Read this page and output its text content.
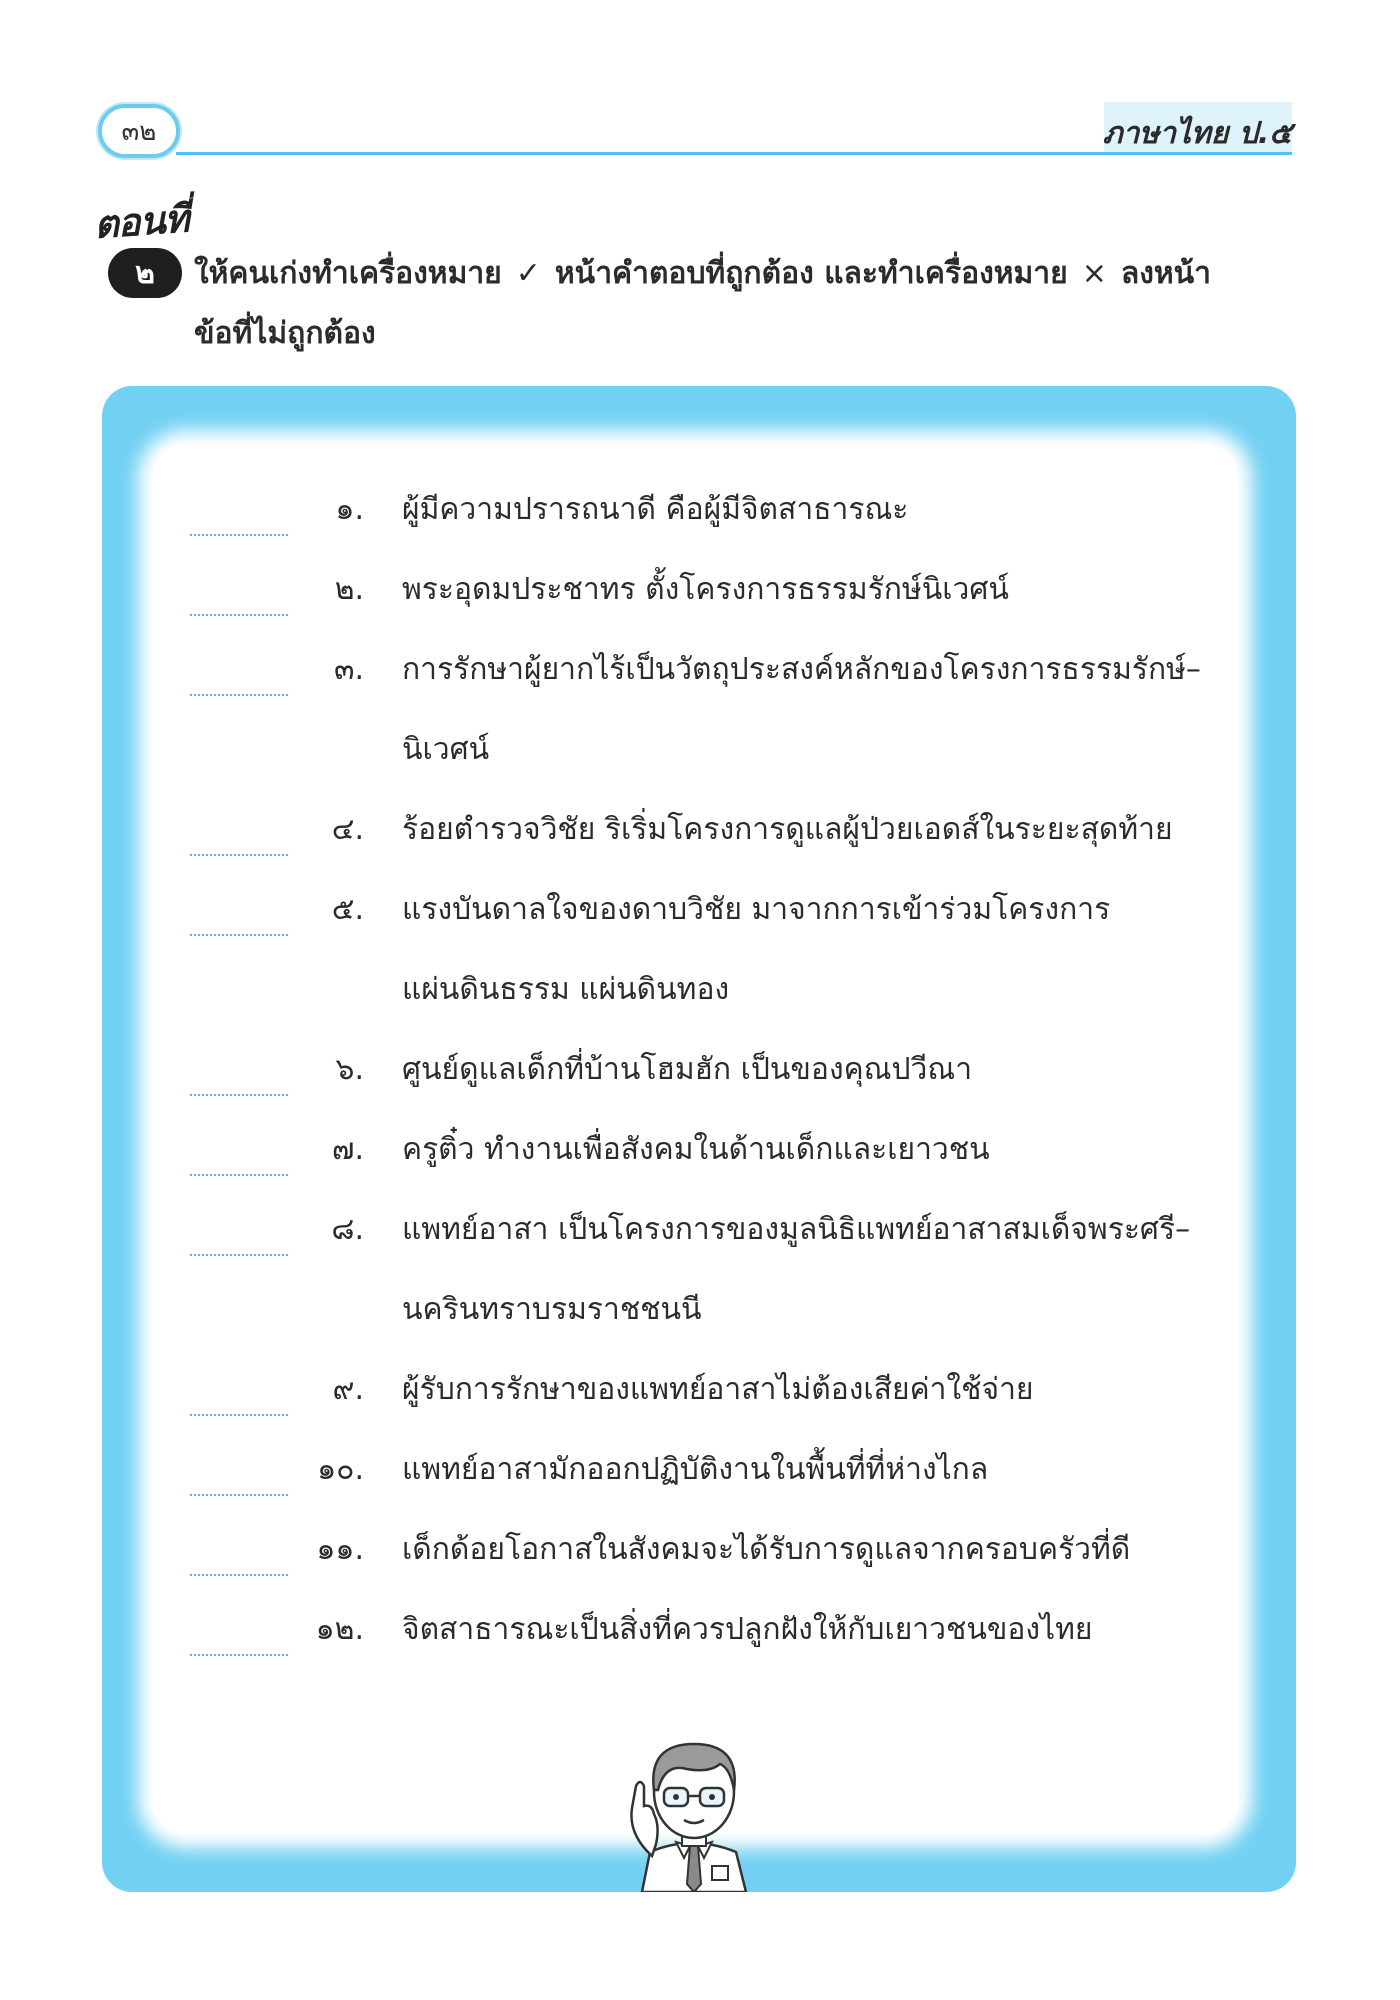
๓๒	ภาษาไทย ป.๕
ตอนที่
๒ ให้คนเก่งทำเครื่องหมาย ✓ หน้าคำตอบที่ถูกต้อง และทำเครื่องหมาย × ลงหน้า
ข้อที่ไม่ถูกต้อง
๑. ผู้มีความปรารถนาดี คือผู้มีจิตสาธารณะ
๒. พระอุดมประชาทร ตั้งโครงการธรรมรักษ์นิเวศน์
๓. การรักษาผู้ยากไร้เป็นวัตถุประสงค์หลักของโครงการธรรมรักษ์–
นิเวศน์
๔. ร้อยตำรวจวิชัย ริเริ่มโครงการดูแลผู้ป่วยเอดส์ในระยะสุดท้าย
๕. แรงบันดาลใจของดาบวิชัย มาจากการเข้าร่วมโครงการ
แผ่นดินธรรม แผ่นดินทอง
๖. ศูนย์ดูแลเด็กที่บ้านโฮมฮัก เป็นของคุณปวีณา
๗. ครูติ๋ว ทำงานเพื่อสังคมในด้านเด็กและเยาวชน
๘. แพทย์อาสา เป็นโครงการของมูลนิธิแพทย์อาสาสมเด็จพระศรี–
นครินทราบรมราชชนนี
๙. ผู้รับการรักษาของแพทย์อาสาไม่ต้องเสียค่าใช้จ่าย
๑๐. แพทย์อาสามักออกปฏิบัติงานในพื้นที่ที่ห่างไกล
๑๑. เด็กด้อยโอกาสในสังคมจะได้รับการดูแลจากครอบครัวที่ดี
๑๒. จิตสาธารณะเป็นสิ่งที่ควรปลูกฝังให้กับเยาวชนของไทย
